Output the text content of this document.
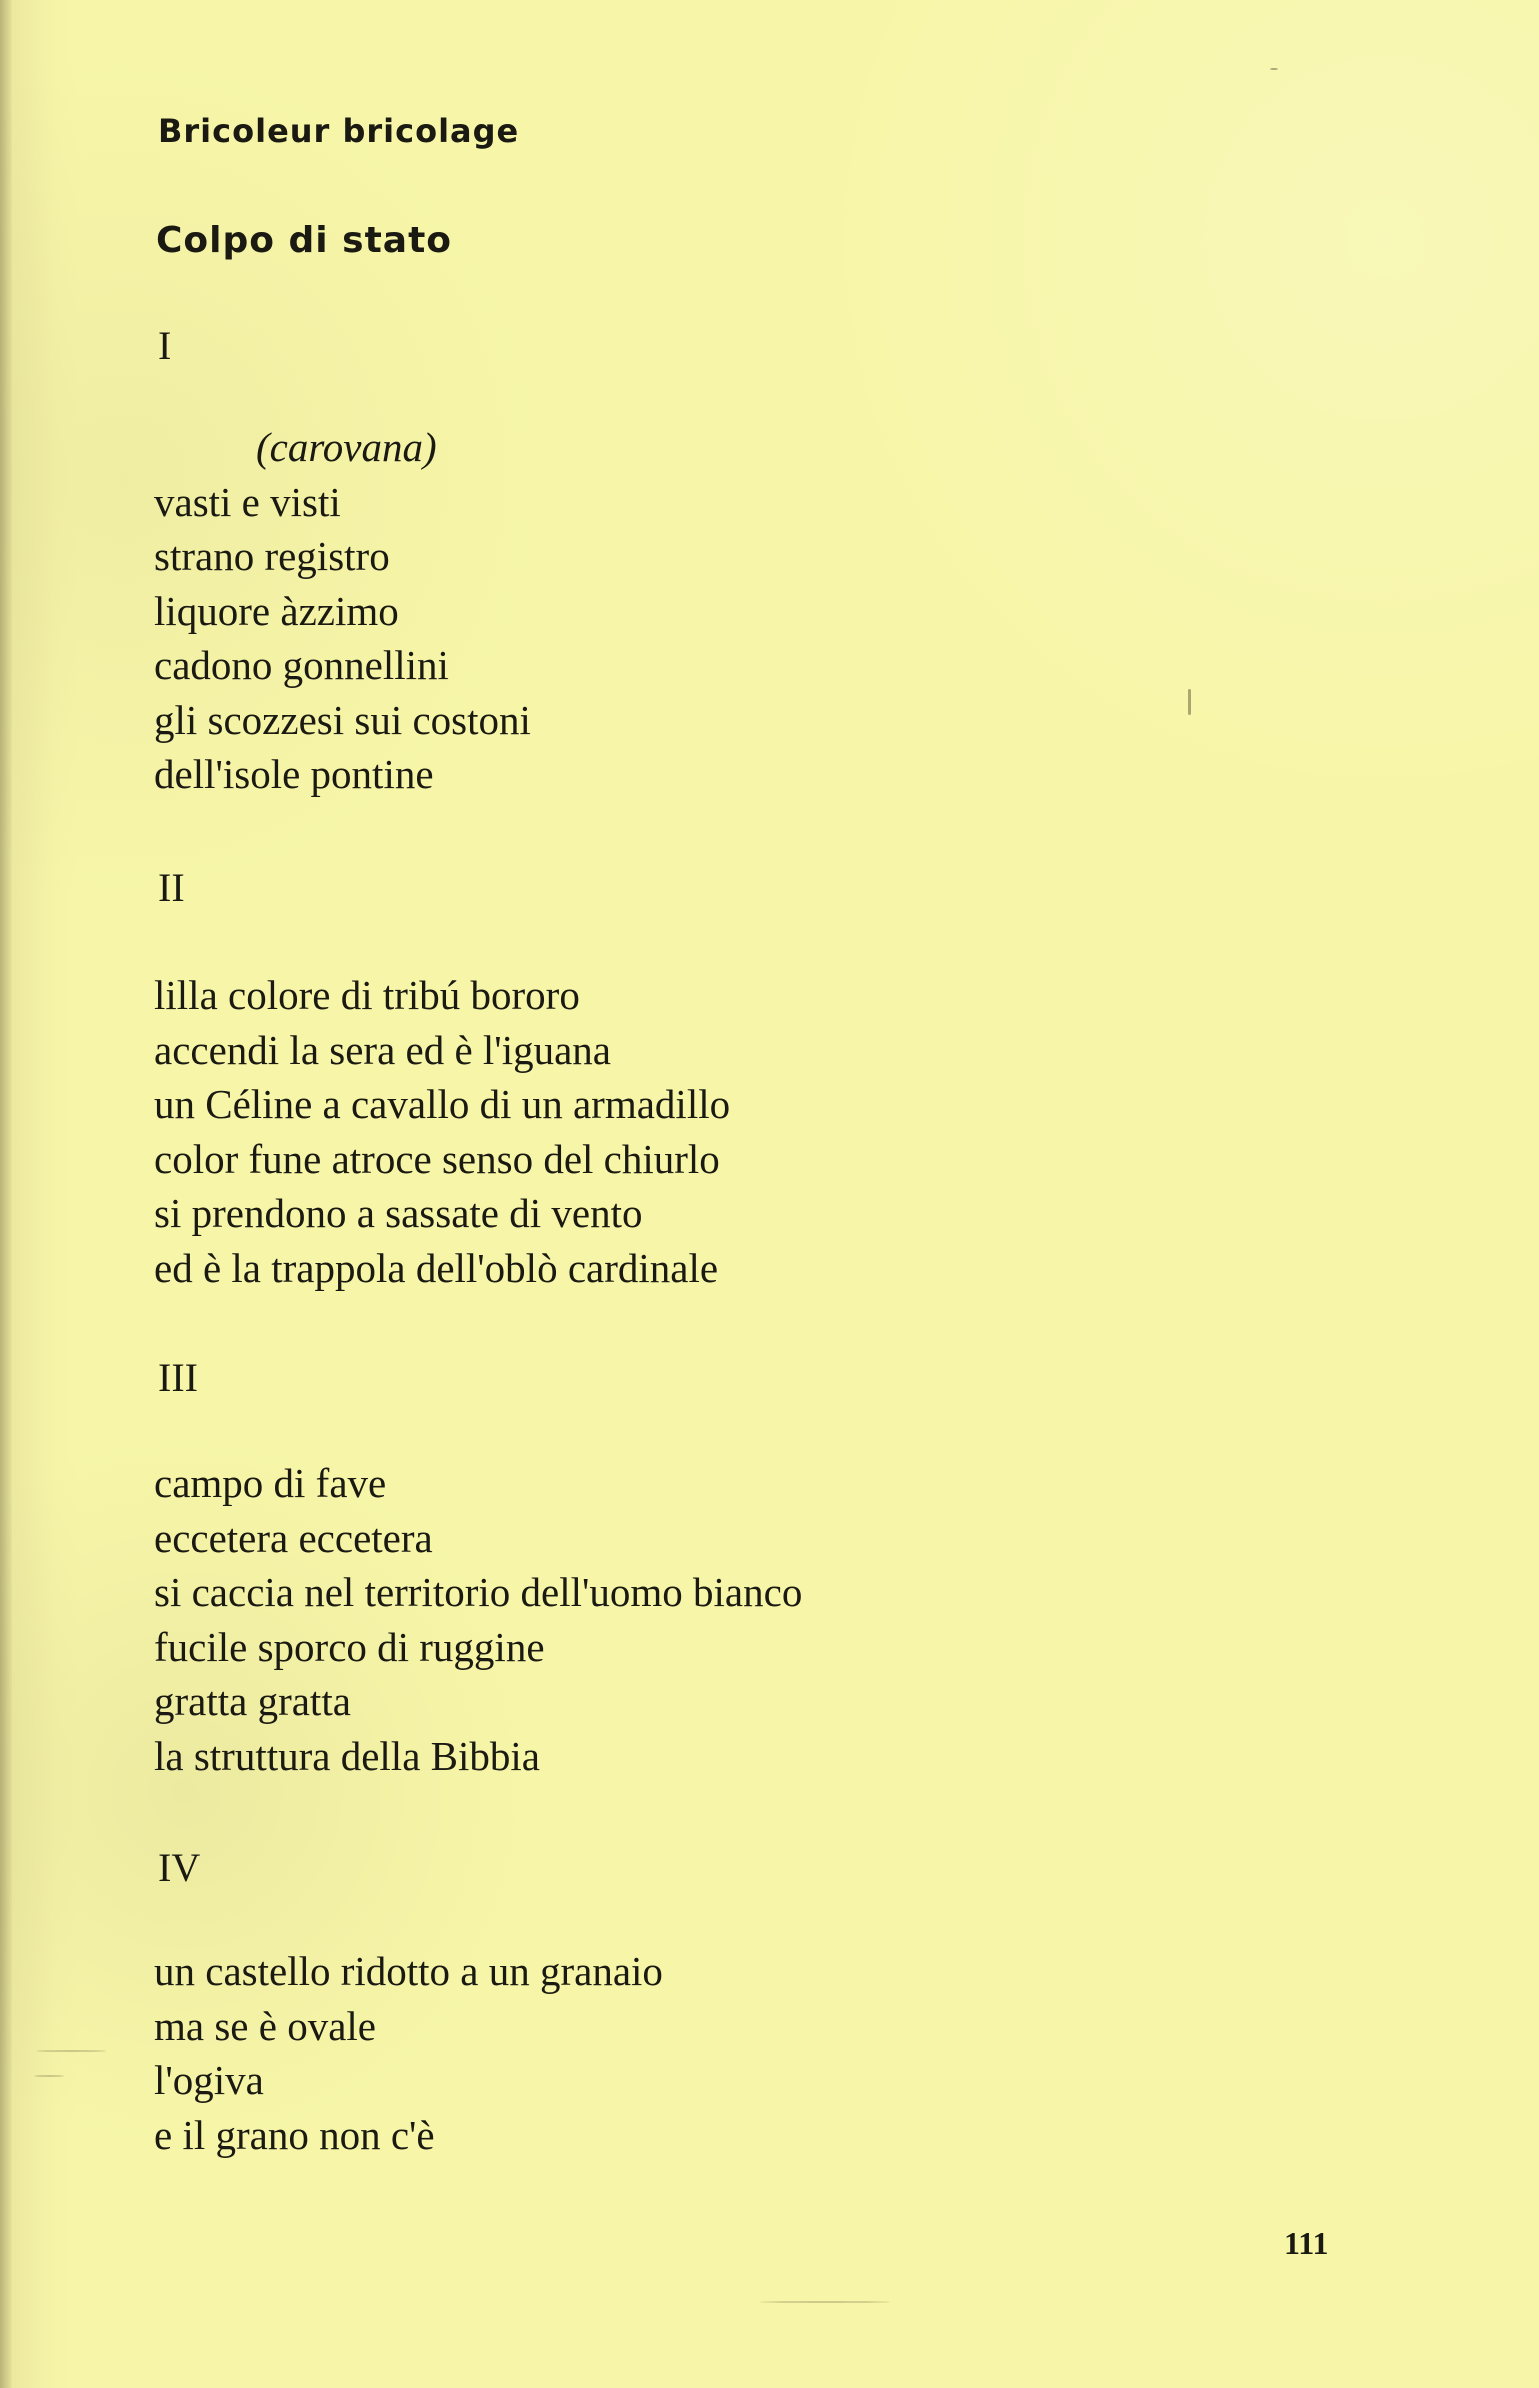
Bricoleur bricolage
Colpo di stato
I
(carovana)
vasti e visti
strano registro
liquore àzzimo
cadono gonnellini
gli scozzesi sui costoni
dell'isole pontine
II
lilla colore di tribú bororo
accendi la sera ed è l'iguana
un Céline a cavallo di un armadillo
color fune atroce senso del chiurlo
si prendono a sassate di vento
ed è la trappola dell'oblò cardinale
III
campo di fave
eccetera eccetera
si caccia nel territorio dell'uomo bianco
fucile sporco di ruggine
gratta gratta
la struttura della Bibbia
IV
un castello ridotto a un granaio
ma se è ovale
l'ogiva
e il grano non c'è
111
